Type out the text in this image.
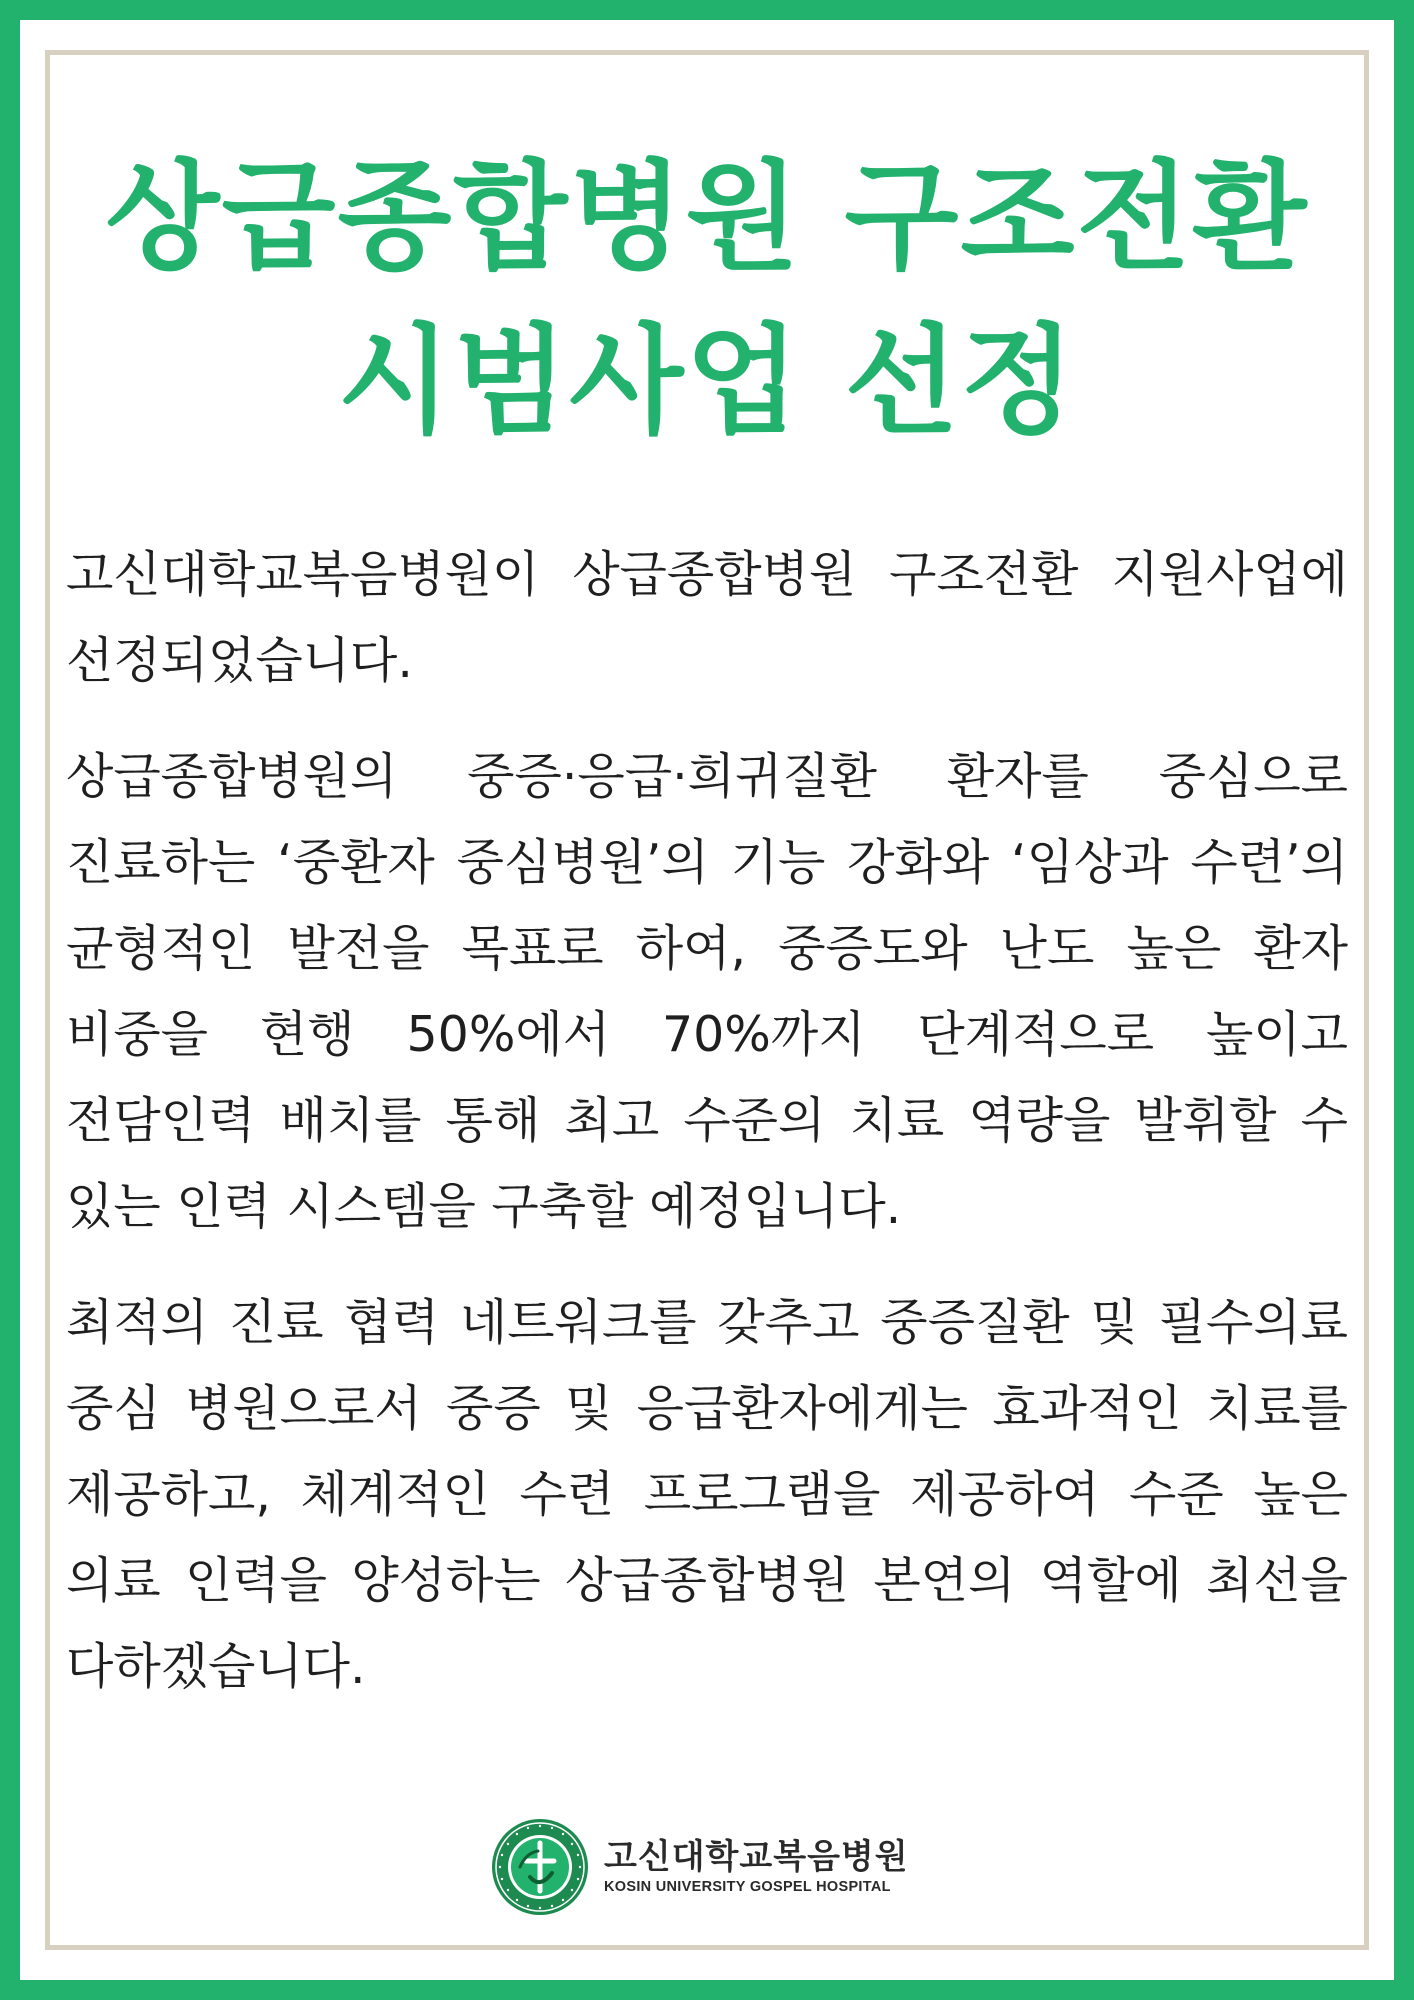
상급종합병원 구조전환
시범사업 선정

고신대학교복음병원이 상급종합병원 구조전환 지원사업에 선정되었습니다.

상급종합병원의 중증·응급·희귀질환 환자를 중심으로 진료하는 ‘중환자 중심병원’의 기능 강화와 ‘임상과 수련’의 균형적인 발전을 목표로 하여, 중증도와 난도 높은 환자 비중을 현행 50%에서 70%까지 단계적으로 높이고 전담인력 배치를 통해 최고 수준의 치료 역량을 발휘할 수 있는 인력 시스템을 구축할 예정입니다.

최적의 진료 협력 네트워크를 갖추고 중증질환 및 필수의료 중심 병원으로서 중증 및 응급환자에게는 효과적인 치료를 제공하고, 체계적인 수련 프로그램을 제공하여 수준 높은 의료 인력을 양성하는 상급종합병원 본연의 역할에 최선을 다하겠습니다.

고신대학교복음병원
KOSIN UNIVERSITY GOSPEL HOSPITAL
